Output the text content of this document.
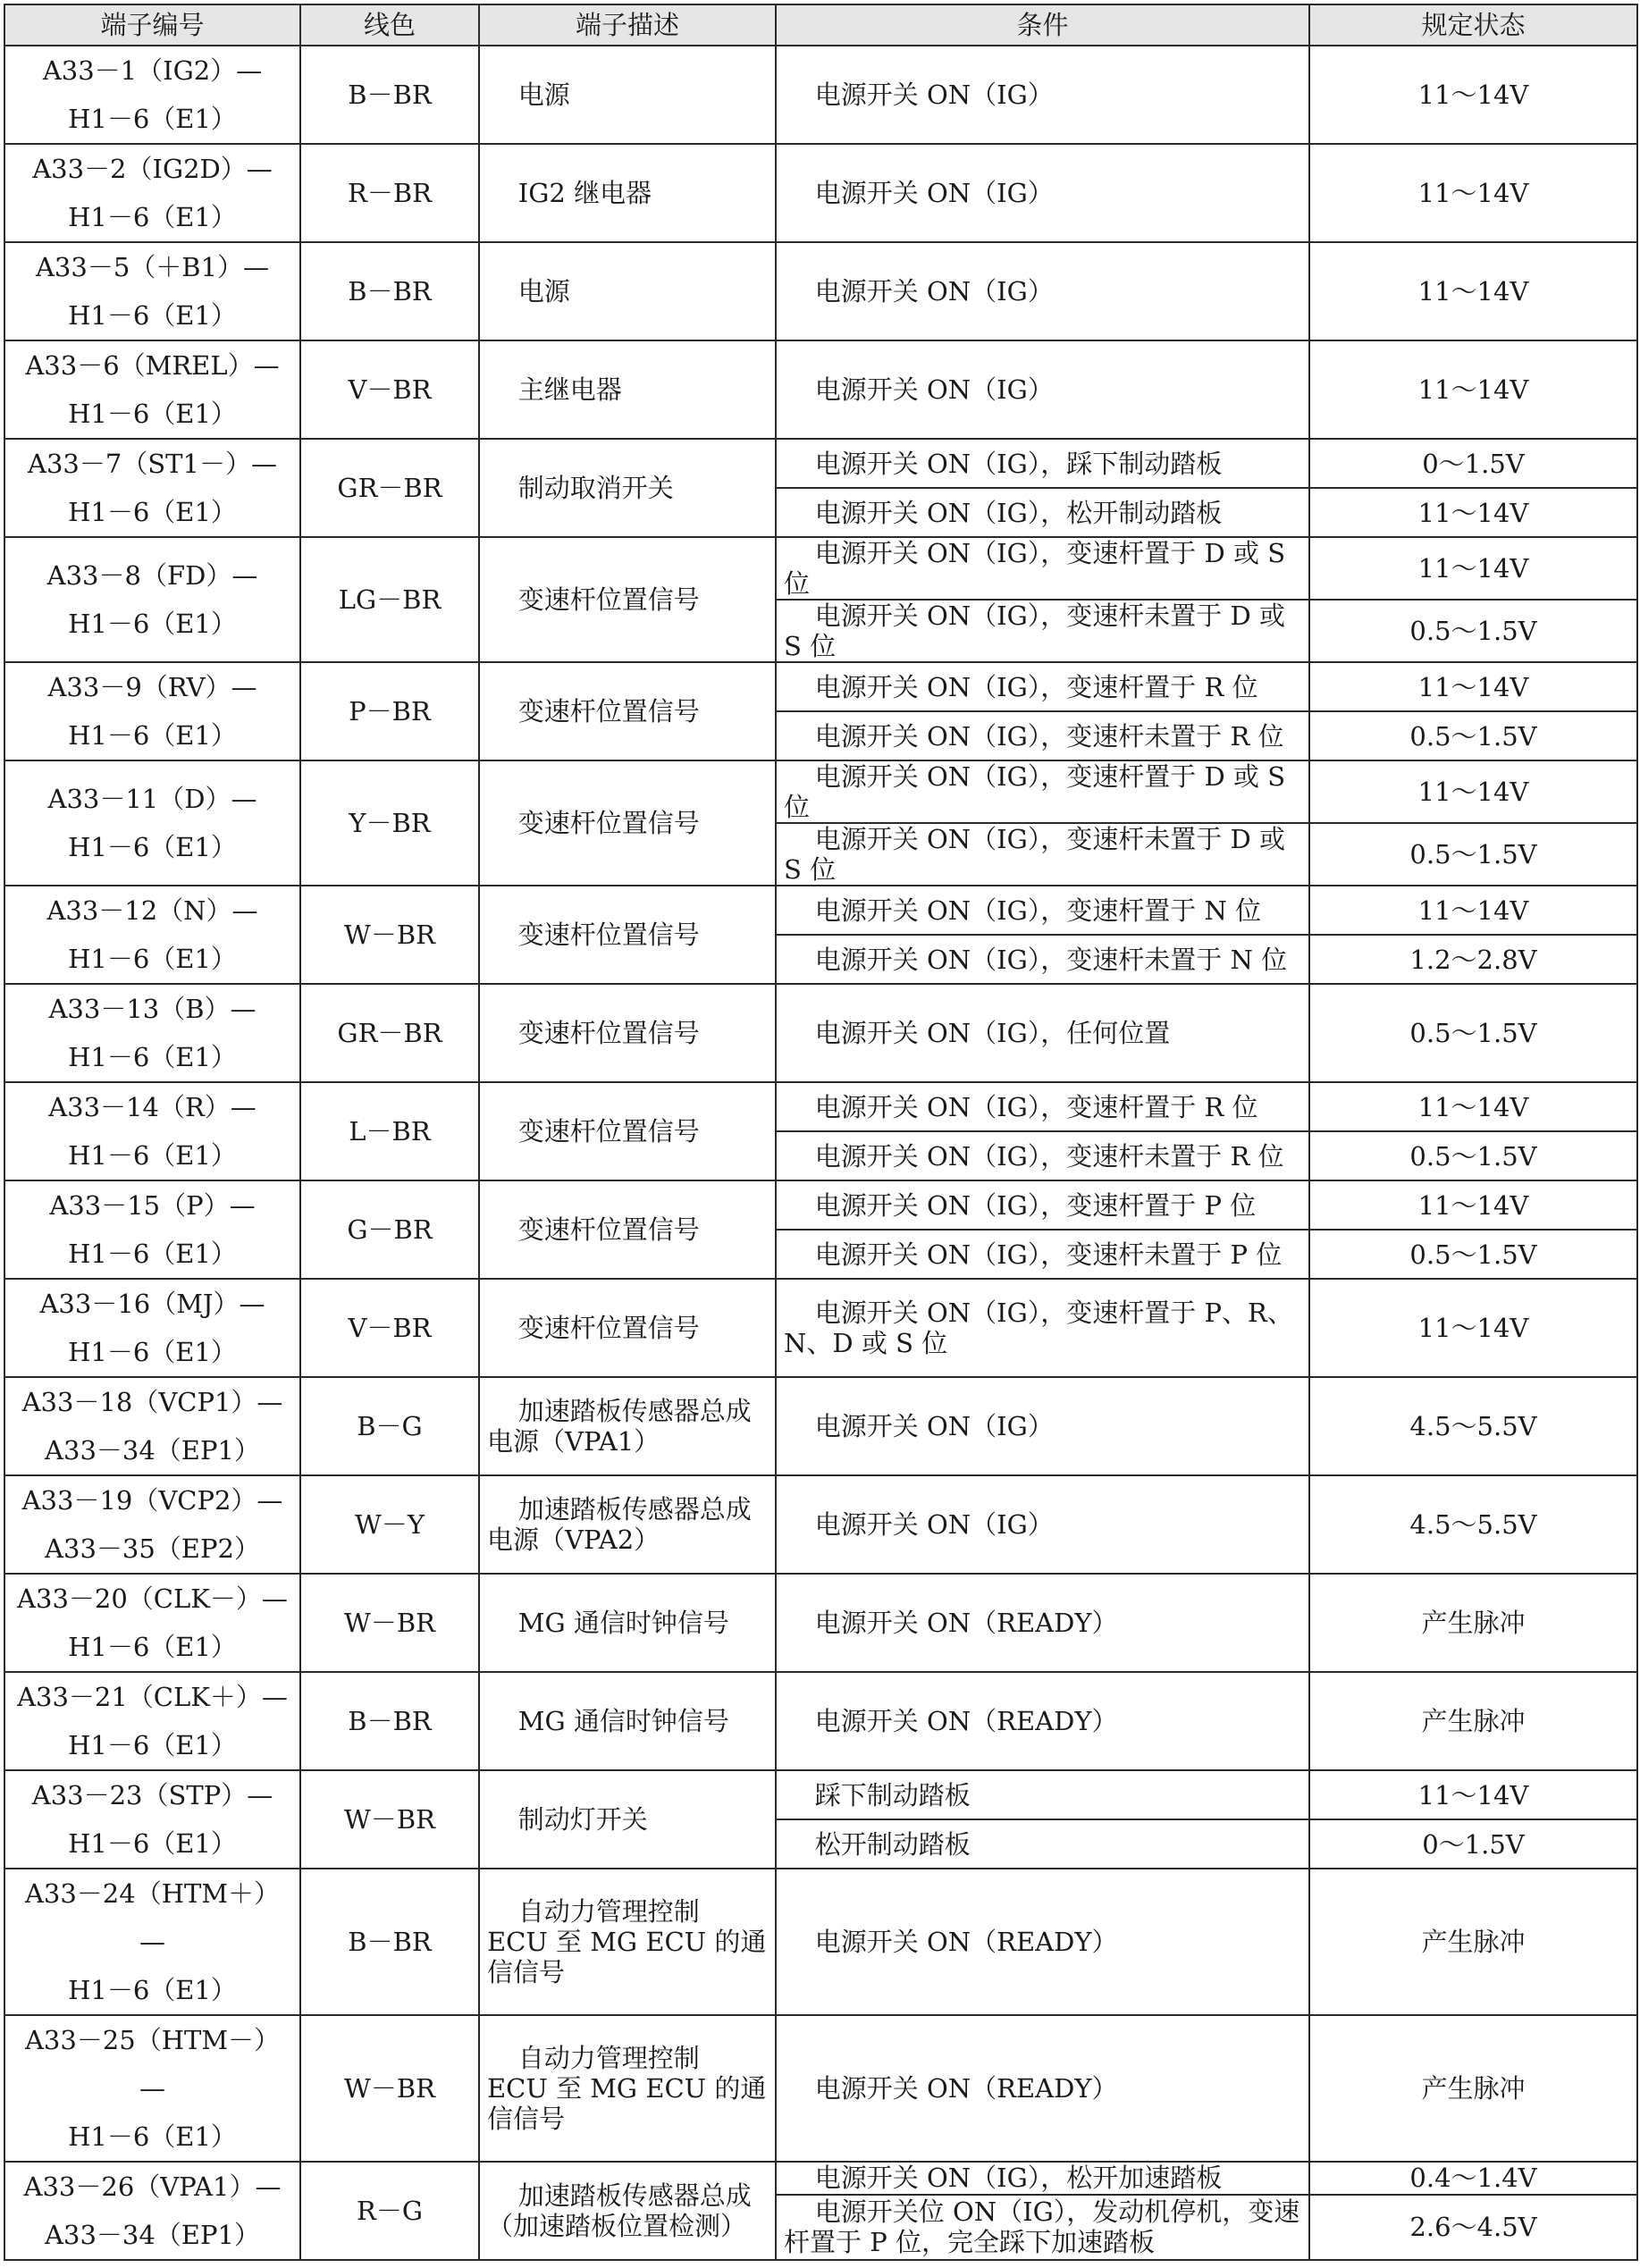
端子编号	线色	端子描述	条件	规定状态
A33－1（IG2）—
H1－6（E1）	B－BR	电源	电源开关 ON（IG）	11～14V
A33－2（IG2D）—
H1－6（E1）	R－BR	IG2 继电器	电源开关 ON（IG）	11～14V
A33－5（＋B1）—
H1－6（E1）	B－BR	电源	电源开关 ON（IG）	11～14V
A33－6（MREL）—
H1－6（E1）	V－BR	主继电器	电源开关 ON（IG）	11～14V
A33－7（ST1－）—
H1－6（E1）	GR－BR	制动取消开关	电源开关 ON（IG），踩下制动踏板	0～1.5V
			电源开关 ON（IG），松开制动踏板	11～14V
A33－8（FD）—
H1－6（E1）	LG－BR	变速杆位置信号	电源开关 ON（IG），变速杆置于 D 或 S 位	11～14V
			电源开关 ON（IG），变速杆未置于 D 或 S 位	0.5～1.5V
A33－9（RV）—
H1－6（E1）	P－BR	变速杆位置信号	电源开关 ON（IG），变速杆置于 R 位	11～14V
			电源开关 ON（IG），变速杆未置于 R 位	0.5～1.5V
A33－11（D）—
H1－6（E1）	Y－BR	变速杆位置信号	电源开关 ON（IG），变速杆置于 D 或 S 位	11～14V
			电源开关 ON（IG），变速杆未置于 D 或 S 位	0.5～1.5V
A33－12（N）—
H1－6（E1）	W－BR	变速杆位置信号	电源开关 ON（IG），变速杆置于 N 位	11～14V
			电源开关 ON（IG），变速杆未置于 N 位	1.2～2.8V
A33－13（B）—
H1－6（E1）	GR－BR	变速杆位置信号	电源开关 ON（IG），任何位置	0.5～1.5V
A33－14（R）—
H1－6（E1）	L－BR	变速杆位置信号	电源开关 ON（IG），变速杆置于 R 位	11～14V
			电源开关 ON（IG），变速杆未置于 R 位	0.5～1.5V
A33－15（P）—
H1－6（E1）	G－BR	变速杆位置信号	电源开关 ON（IG），变速杆置于 P 位	11～14V
			电源开关 ON（IG），变速杆未置于 P 位	0.5～1.5V
A33－16（MJ）—
H1－6（E1）	V－BR	变速杆位置信号	电源开关 ON（IG），变速杆置于 P、R、N、D 或 S 位	11～14V
A33－18（VCP1）—
A33－34（EP1）	B－G	加速踏板传感器总成电源（VPA1）	电源开关 ON（IG）	4.5～5.5V
A33－19（VCP2）—
A33－35（EP2）	W－Y	加速踏板传感器总成电源（VPA2）	电源开关 ON（IG）	4.5～5.5V
A33－20（CLK－）—
H1－6（E1）	W－BR	MG 通信时钟信号	电源开关 ON（READY）	产生脉冲
A33－21（CLK＋）—
H1－6（E1）	B－BR	MG 通信时钟信号	电源开关 ON（READY）	产生脉冲
A33－23（STP）—
H1－6（E1）	W－BR	制动灯开关	踩下制动踏板	11～14V
			松开制动踏板	0～1.5V
A33－24（HTM＋）—
H1－6（E1）	B－BR	自动力管理控制 ECU 至 MG ECU 的通信信号	电源开关 ON（READY）	产生脉冲
A33－25（HTM－）—
H1－6（E1）	W－BR	自动力管理控制 ECU 至 MG ECU 的通信信号	电源开关 ON（READY）	产生脉冲
A33－26（VPA1）—
A33－34（EP1）	R－G	加速踏板传感器总成（加速踏板位置检测）	电源开关 ON（IG），松开加速踏板	0.4～1.4V
			电源开关位 ON（IG），发动机停机，变速杆置于 P 位，完全踩下加速踏板	2.6～4.5V
